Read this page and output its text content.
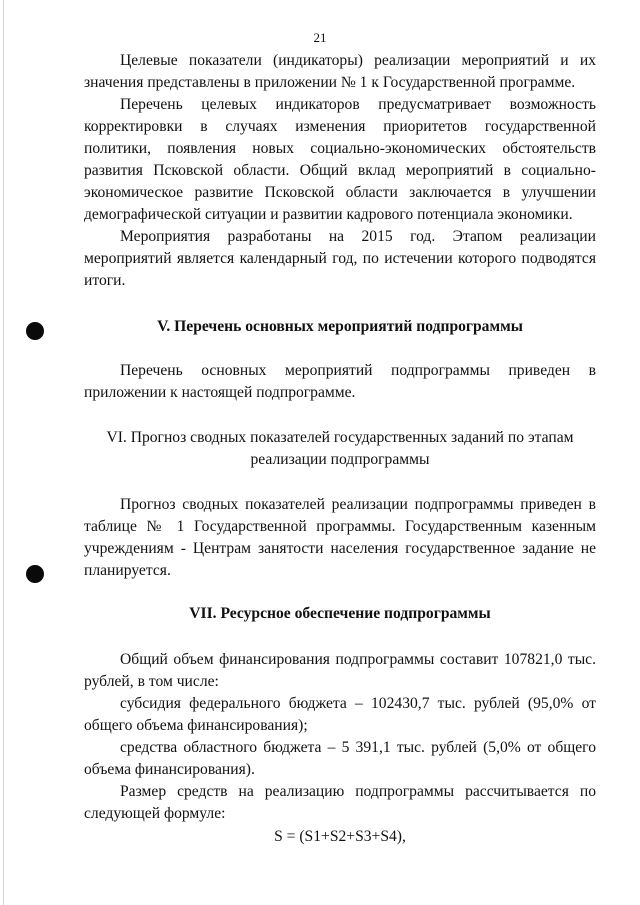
21

Целевые показатели (индикаторы) реализации мероприятий и их значения представлены в приложении № 1 к Государственной программе.

Перечень целевых индикаторов предусматривает возможность корректировки в случаях изменения приоритетов государственной политики, появления новых социально-экономических обстоятельств развития Псковской области. Общий вклад мероприятий в социально-экономическое развитие Псковской области заключается в улучшении демографической ситуации и развитии кадрового потенциала экономики.

Мероприятия разработаны на 2015 год. Этапом реализации мероприятий является календарный год, по истечении которого подводятся итоги.

V. Перечень основных мероприятий подпрограммы

Перечень основных мероприятий подпрограммы приведен в приложении к настоящей подпрограмме.

VI. Прогноз сводных показателей государственных заданий по этапам
реализации подпрограммы

Прогноз сводных показателей реализации подпрограммы приведен в таблице № 1 Государственной программы. Государственным казенным учреждениям - Центрам занятости населения государственное задание не планируется.

VII. Ресурсное обеспечение подпрограммы

Общий объем финансирования подпрограммы составит 107821,0 тыс. рублей, в том числе:

субсидия федерального бюджета – 102430,7 тыс. рублей (95,0% от общего объема финансирования);

средства областного бюджета – 5 391,1 тыс. рублей (5,0% от общего объема финансирования).

Размер средств на реализацию подпрограммы рассчитывается по следующей формуле:

S = (S1+S2+S3+S4),
